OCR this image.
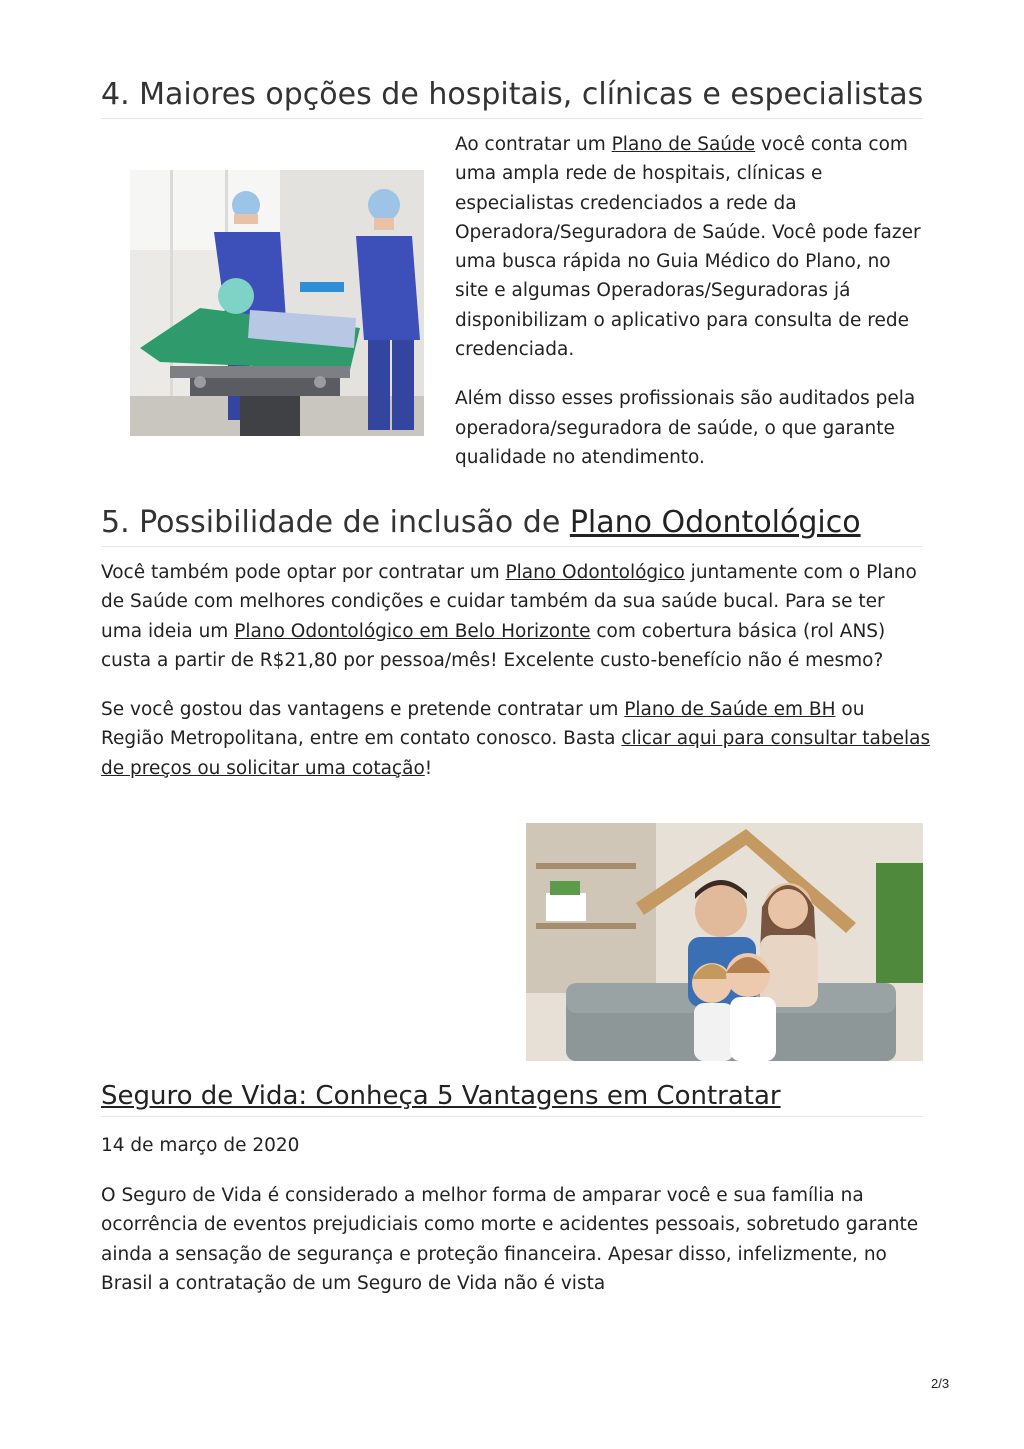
4. Maiores opções de hospitais, clínicas e especialistas

Ao contratar um Plano de Saúde você conta com uma ampla rede de hospitais, clínicas e especialistas credenciados a rede da Operadora/Seguradora de Saúde. Você pode fazer uma busca rápida no Guia Médico do Plano, no site e algumas Operadoras/Seguradoras já disponibilizam o aplicativo para consulta de rede credenciada.

Além disso esses profissionais são auditados pela operadora/seguradora de saúde, o que garante qualidade no atendimento.

5. Possibilidade de inclusão de Plano Odontológico

Você também pode optar por contratar um Plano Odontológico juntamente com o Plano de Saúde com melhores condições e cuidar também da sua saúde bucal. Para se ter uma ideia um Plano Odontológico em Belo Horizonte com cobertura básica (rol ANS) custa a partir de R$21,80 por pessoa/mês! Excelente custo-benefício não é mesmo?

Se você gostou das vantagens e pretende contratar um Plano de Saúde em BH ou Região Metropolitana, entre em contato conosco. Basta clicar aqui para consultar tabelas de preços ou solicitar uma cotação!

Seguro de Vida: Conheça 5 Vantagens em Contratar

14 de março de 2020

O Seguro de Vida é considerado a melhor forma de amparar você e sua família na ocorrência de eventos prejudiciais como morte e acidentes pessoais, sobretudo garante ainda a sensação de segurança e proteção financeira. Apesar disso, infelizmente, no Brasil a contratação de um Seguro de Vida não é vista

2/3
